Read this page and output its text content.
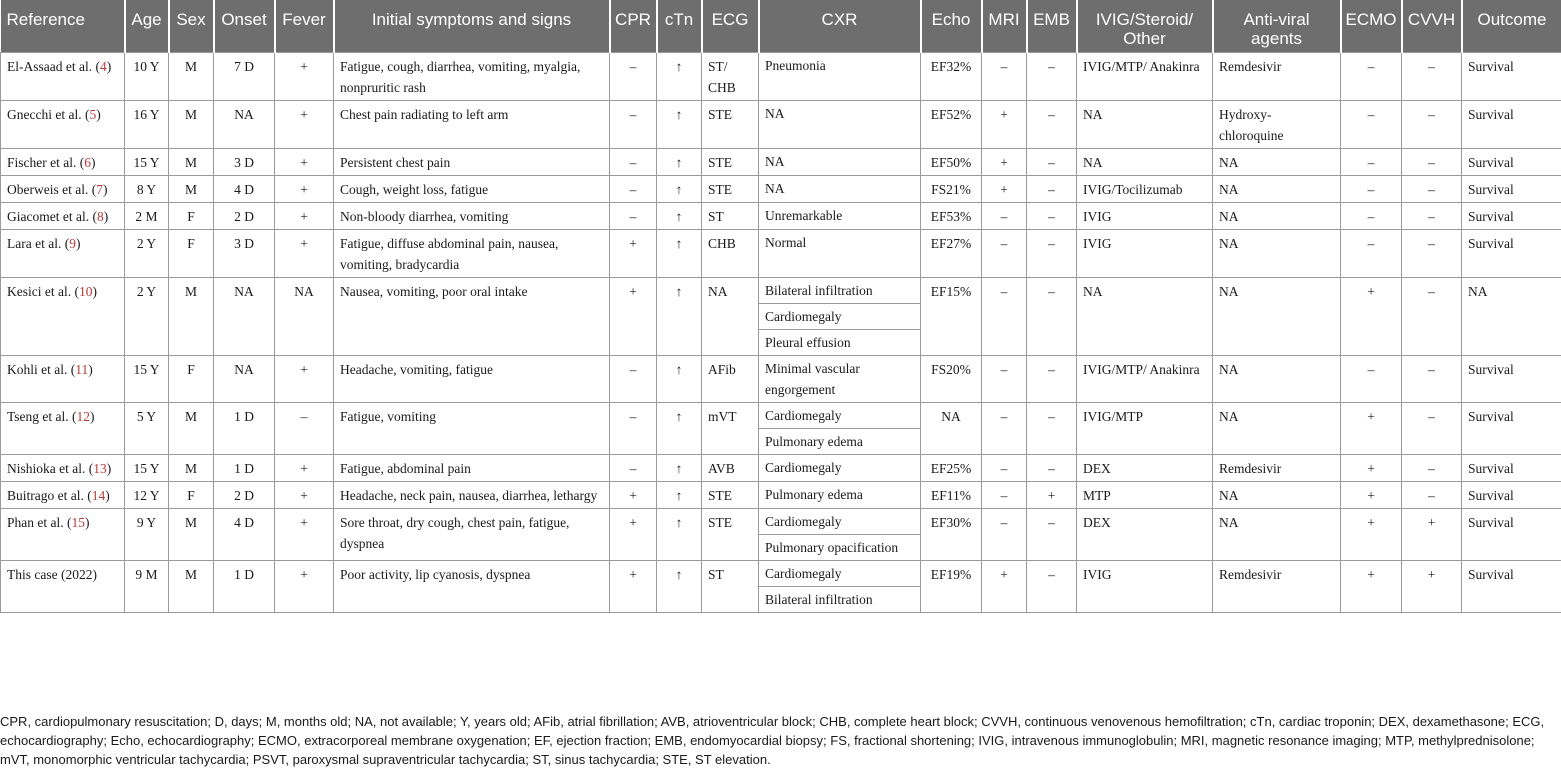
Reference	Age	Sex	Onset	Fever	Initial symptoms and signs	CPR	cTn	ECG	CXR	Echo	MRI	EMB	IVIG/Steroid/ Other	Anti-viral agents	ECMO	CVVH	Outcome
El-Assaad et al. (4)	10 Y	M	7 D	+	Fatigue, cough, diarrhea, vomiting, myalgia, nonpruritic rash	–	↑	ST/ CHB	Pneumonia	EF32%	–	–	IVIG/MTP/ Anakinra	Remdesivir	–	–	Survival
Gnecchi et al. (5)	16 Y	M	NA	+	Chest pain radiating to left arm	–	↑	STE	NA	EF52%	+	–	NA	Hydroxy- chloroquine	–	–	Survival
Fischer et al. (6)	15 Y	M	3 D	+	Persistent chest pain	–	↑	STE	NA	EF50%	+	–	NA	NA	–	–	Survival
Oberweis et al. (7)	8 Y	M	4 D	+	Cough, weight loss, fatigue	–	↑	STE	NA	FS21%	+	–	IVIG/Tocilizumab	NA	–	–	Survival
Giacomet et al. (8)	2 M	F	2 D	+	Non-bloody diarrhea, vomiting	–	↑	ST	Unremarkable	EF53%	–	–	IVIG	NA	–	–	Survival
Lara et al. (9)	2 Y	F	3 D	+	Fatigue, diffuse abdominal pain, nausea, vomiting, bradycardia	+	↑	CHB	Normal	EF27%	–	–	IVIG	NA	–	–	Survival
Kesici et al. (10)	2 Y	M	NA	NA	Nausea, vomiting, poor oral intake	+	↑	NA	Bilateral infiltration	EF15%	–	–	NA	NA	+	–	NA
									Cardiomegaly								
									Pleural effusion								
Kohli et al. (11)	15 Y	F	NA	+	Headache, vomiting, fatigue	–	↑	AFib	Minimal vascular engorgement	FS20%	–	–	IVIG/MTP/ Anakinra	NA	–	–	Survival
Tseng et al. (12)	5 Y	M	1 D	–	Fatigue, vomiting	–	↑	mVT	Cardiomegaly	NA	–	–	IVIG/MTP	NA	+	–	Survival
									Pulmonary edema								
Nishioka et al. (13)	15 Y	M	1 D	+	Fatigue, abdominal pain	–	↑	AVB	Cardiomegaly	EF25%	–	–	DEX	Remdesivir	+	–	Survival
Buitrago et al. (14)	12 Y	F	2 D	+	Headache, neck pain, nausea, diarrhea, lethargy	+	↑	STE	Pulmonary edema	EF11%	–	+	MTP	NA	+	–	Survival
Phan et al. (15)	9 Y	M	4 D	+	Sore throat, dry cough, chest pain, fatigue, dyspnea	+	↑	STE	Cardiomegaly	EF30%	–	–	DEX	NA	+	+	Survival
									Pulmonary opacification								
This case (2022)	9 M	M	1 D	+	Poor activity, lip cyanosis, dyspnea	+	↑	ST	Cardiomegaly	EF19%	+	–	IVIG	Remdesivir	+	+	Survival
									Bilateral infiltration								
CPR, cardiopulmonary resuscitation; D, days; M, months old; NA, not available; Y, years old; AFib, atrial fibrillation; AVB, atrioventricular block; CHB, complete heart block; CVVH, continuous venovenous hemofiltration; cTn, cardiac troponin; DEX, dexamethasone; ECG, echocardiography; Echo, echocardiography; ECMO, extracorporeal membrane oxygenation; EF, ejection fraction; EMB, endomyocardial biopsy; FS, fractional shortening; IVIG, intravenous immunoglobulin; MRI, magnetic resonance imaging; MTP, methylprednisolone; mVT, monomorphic ventricular tachycardia; PSVT, paroxysmal supraventricular tachycardia; ST, sinus tachycardia; STE, ST elevation.
